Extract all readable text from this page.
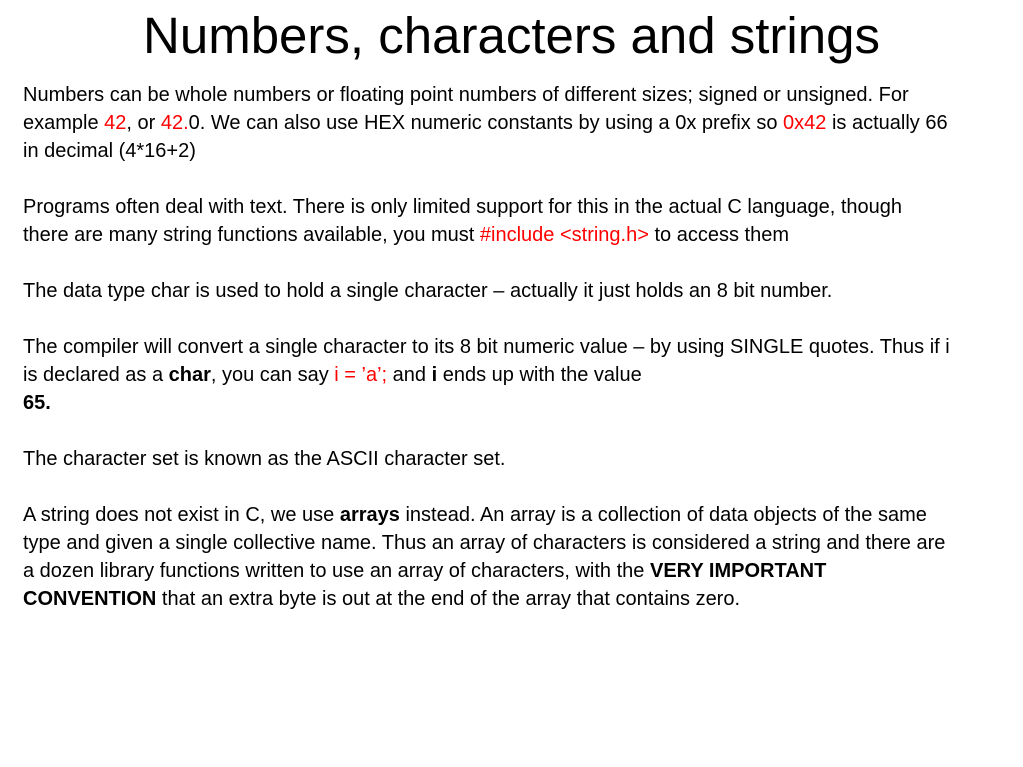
Numbers, characters and strings

Numbers can be whole numbers or floating point numbers of different sizes; signed or unsigned. For example 42, or 42.0. We can also use HEX numeric constants by using a 0x prefix so 0x42 is actually 66 in decimal (4*16+2)

Programs often deal with text. There is only limited support for this in the actual C language, though there are many string functions available, you must #include <string.h> to access them

The data type char is used to hold a single character – actually it just holds an 8 bit number.

The compiler will convert a single character to its 8 bit numeric value – by using SINGLE quotes. Thus if i is declared as a char, you can say i = ’a’; and i ends up with the value
65.

The character set is known as the ASCII character set.

A string does not exist in C, we use arrays instead. An array is a collection of data objects of the same type and given a single collective name. Thus an array of characters is considered a string and there are a dozen library functions written to use an array of characters, with the VERY IMPORTANT CONVENTION that an extra byte is out at the end of the array that contains zero.
